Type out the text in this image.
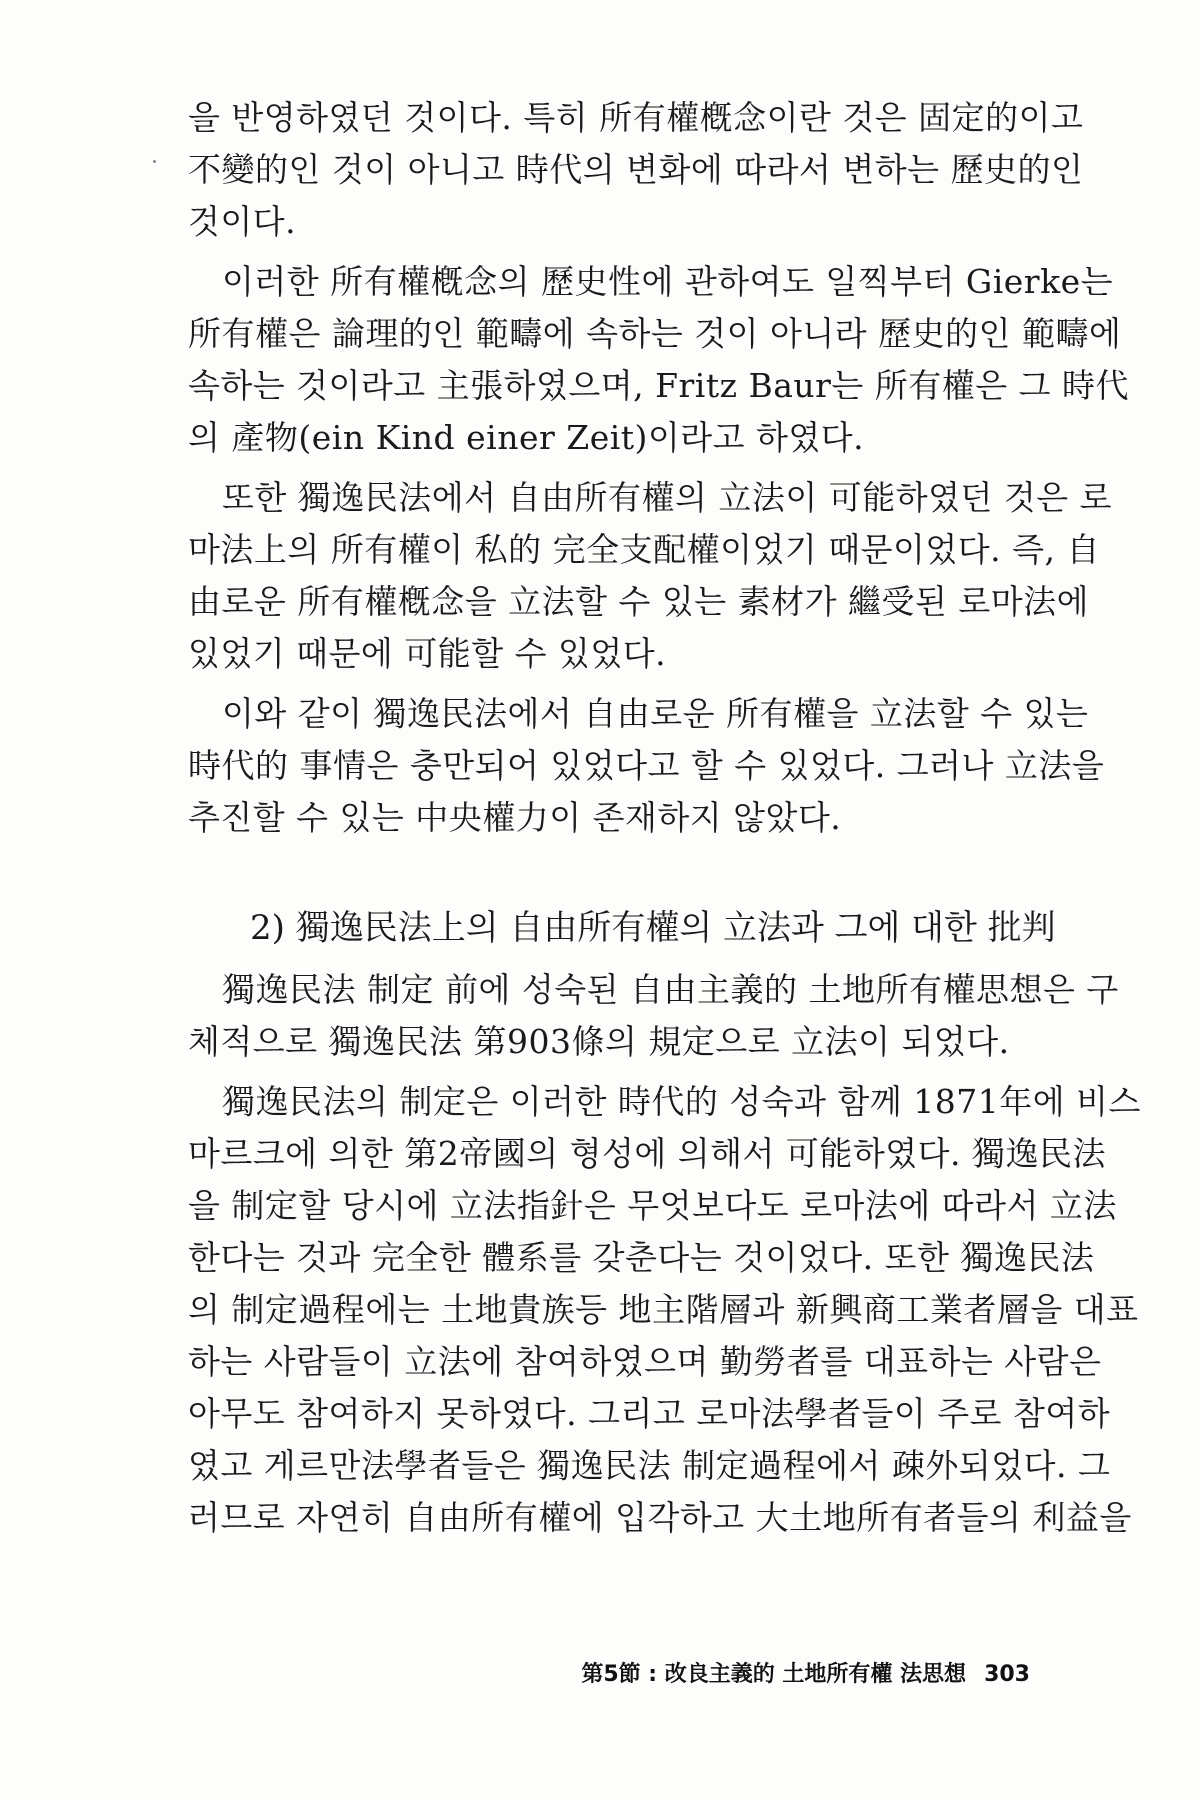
을 반영하였던 것이다. 특히 所有權槪念이란 것은 固定的이고
不變的인 것이 아니고 時代의 변화에 따라서 변하는 歷史的인
것이다.
이러한 所有權槪念의 歷史性에 관하여도 일찍부터 Gierke는
所有權은 論理的인 範疇에 속하는 것이 아니라 歷史的인 範疇에
속하는 것이라고 主張하였으며, Fritz Baur는 所有權은 그 時代
의 產物(ein Kind einer Zeit)이라고 하였다.
또한 獨逸民法에서 自由所有權의 立法이 可能하였던 것은 로
마法上의 所有權이 私的 完全支配權이었기 때문이었다. 즉, 自
由로운 所有權槪念을 立法할 수 있는 素材가 繼受된 로마法에
있었기 때문에 可能할 수 있었다.
이와 같이 獨逸民法에서 自由로운 所有權을 立法할 수 있는
時代的 事情은 충만되어 있었다고 할 수 있었다. 그러나 立法을
추진할 수 있는 中央權力이 존재하지 않았다.
2) 獨逸民法上의 自由所有權의 立法과 그에 대한 批判
獨逸民法 制定 前에 성숙된 自由主義的 土地所有權思想은 구
체적으로 獨逸民法 第903條의 規定으로 立法이 되었다.
獨逸民法의 制定은 이러한 時代的 성숙과 함께 1871年에 비스
마르크에 의한 第2帝國의 형성에 의해서 可能하였다. 獨逸民法
을 制定할 당시에 立法指針은 무엇보다도 로마法에 따라서 立法
한다는 것과 完全한 體系를 갖춘다는 것이었다. 또한 獨逸民法
의 制定過程에는 土地貴族등 地主階層과 新興商工業者層을 대표
하는 사람들이 立法에 참여하였으며 勤勞者를 대표하는 사람은
아무도 참여하지 못하였다. 그리고 로마法學者들이 주로 참여하
였고 게르만法學者들은 獨逸民法 制定過程에서 疎外되었다. 그
러므로 자연히 自由所有權에 입각하고 大土地所有者들의 利益을
第5節 : 改良主義的 土地所有權 法思想 303
